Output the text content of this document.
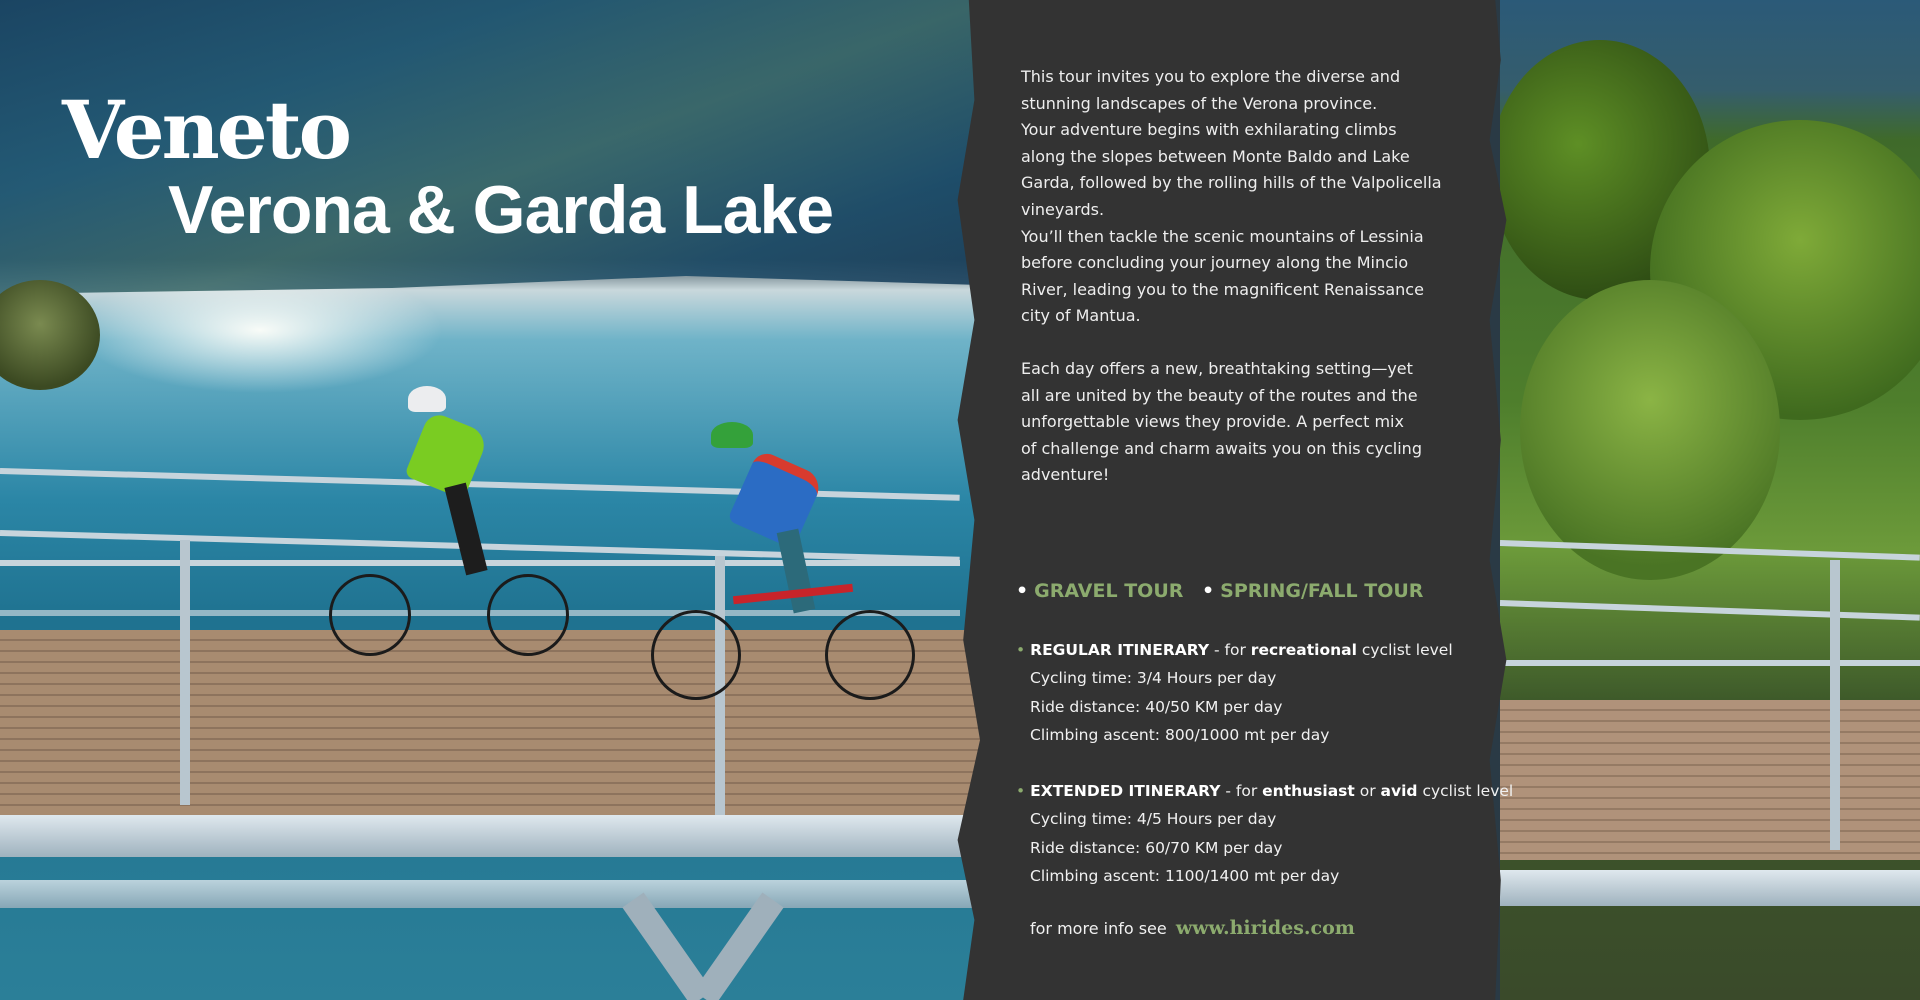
Veneto
Verona & Garda Lake

This tour invites you to explore the diverse and

stunning landscapes of the Verona province.

Your adventure begins with exhilarating climbs

along the slopes between Monte Baldo and Lake

Garda, followed by the rolling hills of the Valpolicella

vineyards.

You’ll then tackle the scenic mountains of Lessinia

before concluding your journey along the Mincio

River, leading you to the magnificent Renaissance

city of Mantua.

Each day offers a new, breathtaking setting—yet

all are united by the beauty of the routes and the

unforgettable views they provide. A perfect mix

of challenge and charm awaits you on this cycling

adventure!

• GRAVEL TOUR • SPRING/FALL TOUR
• REGULAR ITINERARY - for recreational cyclist level
Cycling time: 3/4 Hours per day
Ride distance: 40/50 KM per day
Climbing ascent: 800/1000 mt per day
• EXTENDED ITINERARY - for enthusiast or avid cyclist level
Cycling time: 4/5 Hours per day
Ride distance: 60/70 KM per day
Climbing ascent: 1100/1400 mt per day
for more info see www.hirides.com
